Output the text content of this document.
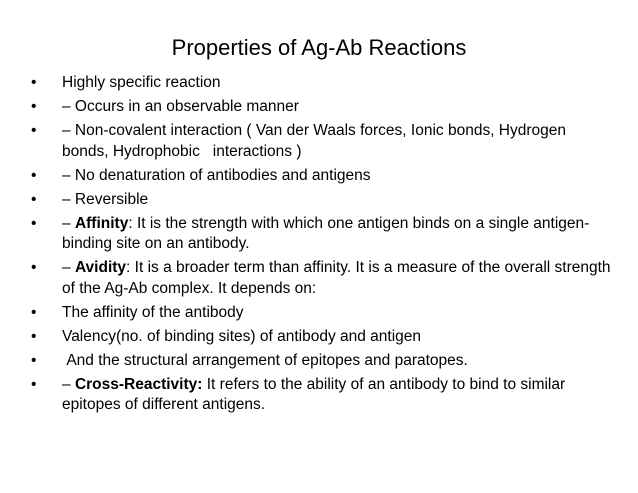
Properties of Ag-Ab Reactions
•	Highly specific reaction
•	– Occurs in an observable manner
•	– Non-covalent interaction ( Van der Waals forces, Ionic bonds, Hydrogen bonds, Hydrophobic   interactions )
•	– No denaturation of antibodies and antigens
•	– Reversible
•	– Affinity: It is the strength with which one antigen binds on a single antigen-binding site on an antibody.
•	– Avidity: It is a broader term than affinity. It is a measure of the overall strength of the Ag-Ab complex. It depends on:
•	The affinity of the antibody
•	Valency(no. of binding sites) of antibody and antigen
•	And the structural arrangement of epitopes and paratopes.
•	– Cross-Reactivity: It refers to the ability of an antibody to bind to similar epitopes of different antigens.
